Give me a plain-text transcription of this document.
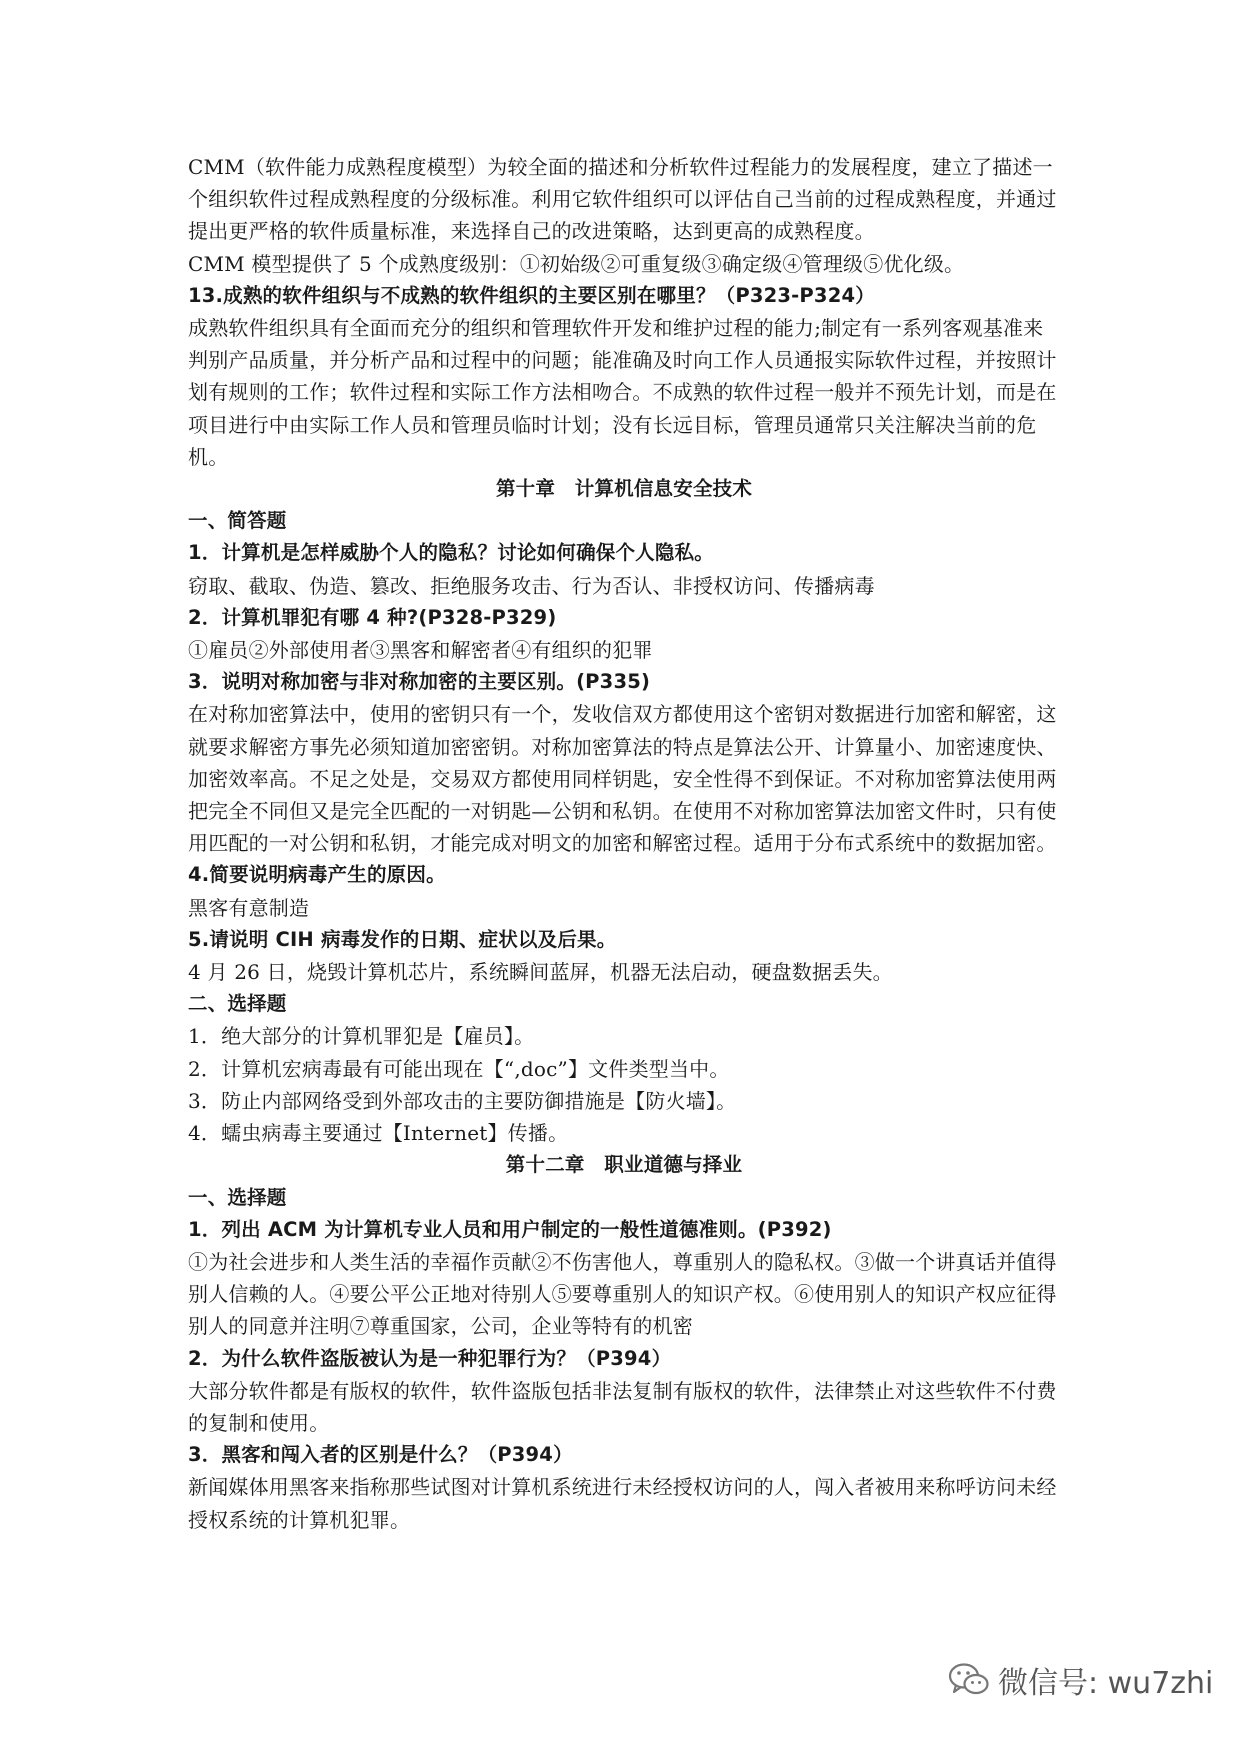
CMM（软件能力成熟程度模型）为较全面的描述和分析软件过程能力的发展程度，建立了描述一个组织软件过程成熟程度的分级标准。利用它软件组织可以评估自己当前的过程成熟程度，并通过提出更严格的软件质量标准，来选择自己的改进策略，达到更高的成熟程度。
CMM 模型提供了 5 个成熟度级别：①初始级②可重复级③确定级④管理级⑤优化级。
13.成熟的软件组织与不成熟的软件组织的主要区别在哪里？（P323-P324）
成熟软件组织具有全面而充分的组织和管理软件开发和维护过程的能力;制定有一系列客观基准来判别产品质量，并分析产品和过程中的问题；能准确及时向工作人员通报实际软件过程，并按照计划有规则的工作；软件过程和实际工作方法相吻合。不成熟的软件过程一般并不预先计划，而是在项目进行中由实际工作人员和管理员临时计划；没有长远目标，管理员通常只关注解决当前的危机。
第十章　计算机信息安全技术
一、简答题
1．计算机是怎样威胁个人的隐私？讨论如何确保个人隐私。
窃取、截取、伪造、篡改、拒绝服务攻击、行为否认、非授权访问、传播病毒
2．计算机罪犯有哪 4 种?(P328-P329)
①雇员②外部使用者③黑客和解密者④有组织的犯罪
3．说明对称加密与非对称加密的主要区别。(P335)
在对称加密算法中，使用的密钥只有一个，发收信双方都使用这个密钥对数据进行加密和解密，这就要求解密方事先必须知道加密密钥。对称加密算法的特点是算法公开、计算量小、加密速度快、加密效率高。不足之处是，交易双方都使用同样钥匙，安全性得不到保证。不对称加密算法使用两把完全不同但又是完全匹配的一对钥匙—公钥和私钥。在使用不对称加密算法加密文件时，只有使用匹配的一对公钥和私钥，才能完成对明文的加密和解密过程。适用于分布式系统中的数据加密。
4.简要说明病毒产生的原因。
黑客有意制造
5.请说明 CIH 病毒发作的日期、症状以及后果。
4 月 26 日，烧毁计算机芯片，系统瞬间蓝屏，机器无法启动，硬盘数据丢失。
二、选择题
1．绝大部分的计算机罪犯是【雇员】。
2．计算机宏病毒最有可能出现在【“,doc”】文件类型当中。
3．防止内部网络受到外部攻击的主要防御措施是【防火墙】。
4．蠕虫病毒主要通过【Internet】传播。
第十二章　职业道德与择业
一、选择题
1．列出 ACM 为计算机专业人员和用户制定的一般性道德准则。(P392)
①为社会进步和人类生活的幸福作贡献②不伤害他人，尊重别人的隐私权。③做一个讲真话并值得别人信赖的人。④要公平公正地对待别人⑤要尊重别人的知识产权。⑥使用别人的知识产权应征得别人的同意并注明⑦尊重国家，公司，企业等特有的机密
2．为什么软件盗版被认为是一种犯罪行为？（P394）
大部分软件都是有版权的软件，软件盗版包括非法复制有版权的软件，法律禁止对这些软件不付费的复制和使用。
3．黑客和闯入者的区别是什么？（P394）
新闻媒体用黑客来指称那些试图对计算机系统进行未经授权访问的人，闯入者被用来称呼访问未经授权系统的计算机犯罪。
微信号: wu7zhi
